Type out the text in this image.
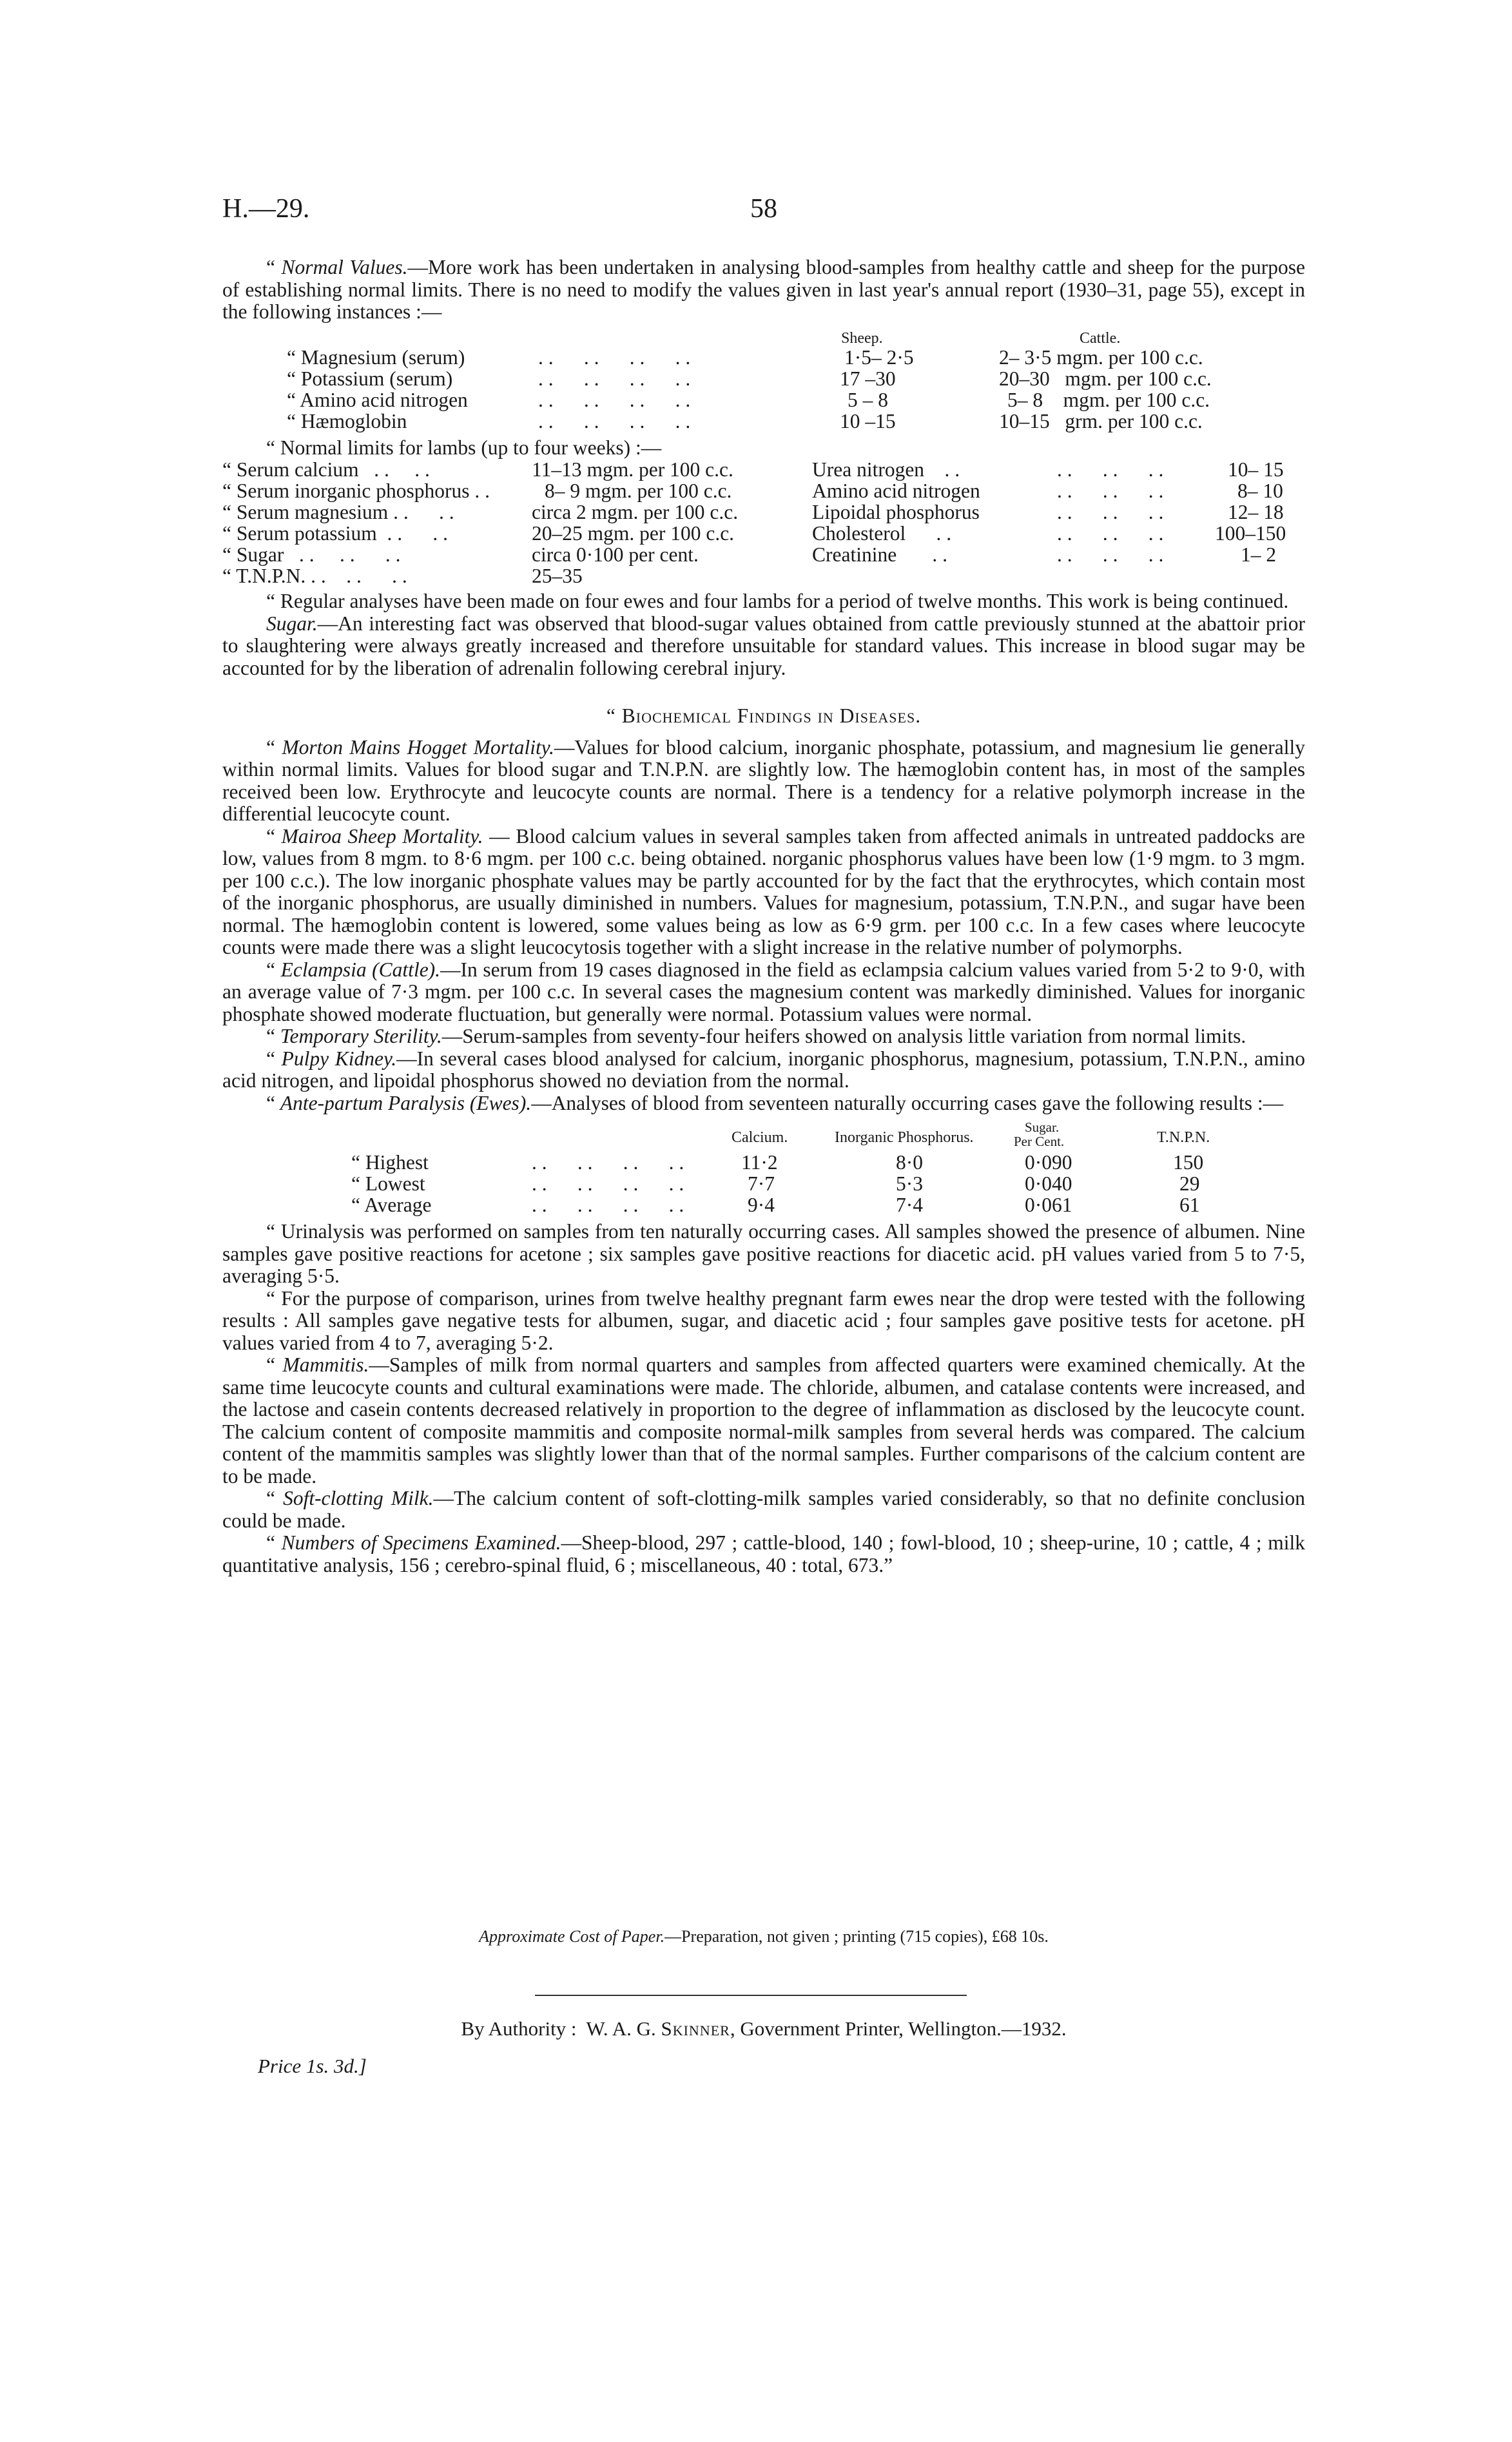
H.—29.	58

“ Normal Values.—More work has been undertaken in analysing blood-samples from healthy cattle and sheep for the purpose of establishing normal limits. There is no need to modify the values given in last year's annual report (1930–31, page 55), except in the following instances :—

Sheep.	Cattle.
“ Magnesium (serum)	. .      . .      . .      . .	1·5– 2·5	2– 3·5 mgm. per 100 c.c.
“ Potassium (serum)	. .      . .      . .      . .	17 –30	20–30   mgm. per 100 c.c.
“ Amino acid nitrogen	. .      . .      . .      . .	5 – 8	5– 8    mgm. per 100 c.c.
“ Hæmoglobin	. .      . .      . .      . .	10 –15	10–15   grm. per 100 c.c.

“ Normal limits for lambs (up to four weeks) :—

“ Serum calcium   . .     . .	11–13 mgm. per 100 c.c.	Urea nitrogen    . .	. .      . .      . .	10– 15
“ Serum inorganic phosphorus . .	8– 9 mgm. per 100 c.c.	Amino acid nitrogen	. .      . .      . .	8– 10
“ Serum magnesium . .      . .	circa 2 mgm. per 100 c.c.	Lipoidal phosphorus	. .      . .      . .	12– 18
“ Serum potassium  . .      . .	20–25 mgm. per 100 c.c.	Cholesterol      . .	. .      . .      . .	100–150
“ Sugar   . .     . .      . .	circa 0·100 per cent.	Creatinine       . .	. .      . .      . .	1– 2
“ T.N.P.N. . .    . .      . .	25–35

“ Regular analyses have been made on four ewes and four lambs for a period of twelve months. This work is being continued.

Sugar.—An interesting fact was observed that blood-sugar values obtained from cattle previously stunned at the abattoir prior to slaughtering were always greatly increased and therefore unsuitable for standard values. This increase in blood sugar may be accounted for by the liberation of adrenalin following cerebral injury.

“ Biochemical Findings in Diseases.

“ Morton Mains Hogget Mortality.—Values for blood calcium, inorganic phosphate, potassium, and magnesium lie generally within normal limits. Values for blood sugar and T.N.P.N. are slightly low. The hæmoglobin content has, in most of the samples received been low. Erythrocyte and leucocyte counts are normal. There is a tendency for a relative polymorph increase in the differential leucocyte count.

“ Mairoa Sheep Mortality. — Blood calcium values in several samples taken from affected animals in untreated paddocks are low, values from 8 mgm. to 8·6 mgm. per 100 c.c. being obtained. norganic phosphorus values have been low (1·9 mgm. to 3 mgm. per 100 c.c.). The low inorganic phosphate values may be partly accounted for by the fact that the erythrocytes, which contain most of the inorganic phosphorus, are usually diminished in numbers. Values for magnesium, potassium, T.N.P.N., and sugar have been normal. The hæmoglobin content is lowered, some values being as low as 6·9 grm. per 100 c.c. In a few cases where leucocyte counts were made there was a slight leucocytosis together with a slight increase in the relative number of polymorphs.

“ Eclampsia (Cattle).—In serum from 19 cases diagnosed in the field as eclampsia calcium values varied from 5·2 to 9·0, with an average value of 7·3 mgm. per 100 c.c. In several cases the magnesium content was markedly diminished. Values for inorganic phosphate showed moderate fluctuation, but generally were normal. Potassium values were normal.

“ Temporary Sterility.—Serum-samples from seventy-four heifers showed on analysis little variation from normal limits.

“ Pulpy Kidney.—In several cases blood analysed for calcium, inorganic phosphorus, magnesium, potassium, T.N.P.N., amino acid nitrogen, and lipoidal phosphorus showed no deviation from the normal.

“ Ante-partum Paralysis (Ewes).—Analyses of blood from seventeen naturally occurring cases gave the following results :—

Calcium.	Inorganic Phosphorus.
Sugar.
Per Cent.	T.N.P.N.
“ Highest	. .      . .      . .      . .	11·2	8·0	0·090	150
“ Lowest	. .      . .      . .      . .	7·7	5·3	0·040	29
“ Average	. .      . .      . .      . .	9·4	7·4	0·061	61

“ Urinalysis was performed on samples from ten naturally occurring cases. All samples showed the presence of albumen. Nine samples gave positive reactions for acetone ; six samples gave positive reactions for diacetic acid. pH values varied from 5 to 7·5, averaging 5·5.

“ For the purpose of comparison, urines from twelve healthy pregnant farm ewes near the drop were tested with the following results : All samples gave negative tests for albumen, sugar, and diacetic acid ; four samples gave positive tests for acetone. pH values varied from 4 to 7, averaging 5·2.

“ Mammitis.—Samples of milk from normal quarters and samples from affected quarters were examined chemically. At the same time leucocyte counts and cultural examinations were made. The chloride, albumen, and catalase contents were increased, and the lactose and casein contents decreased relatively in proportion to the degree of inflammation as disclosed by the leucocyte count. The calcium content of composite mammitis and composite normal-milk samples from several herds was compared. The calcium content of the mammitis samples was slightly lower than that of the normal samples. Further comparisons of the calcium content are to be made.

“ Soft-clotting Milk.—The calcium content of soft-clotting-milk samples varied considerably, so that no definite conclusion could be made.

“ Numbers of Specimens Examined.—Sheep-blood, 297 ; cattle-blood, 140 ; fowl-blood, 10 ; sheep-urine, 10 ; cattle, 4 ; milk quantitative analysis, 156 ; cerebro-spinal fluid, 6 ; miscellaneous, 40 : total, 673.”

Approximate Cost of Paper.—Preparation, not given ; printing (715 copies), £68 10s.
By Authority :  W. A. G. Skinner, Government Printer, Wellington.—1932.
Price 1s. 3d.]
